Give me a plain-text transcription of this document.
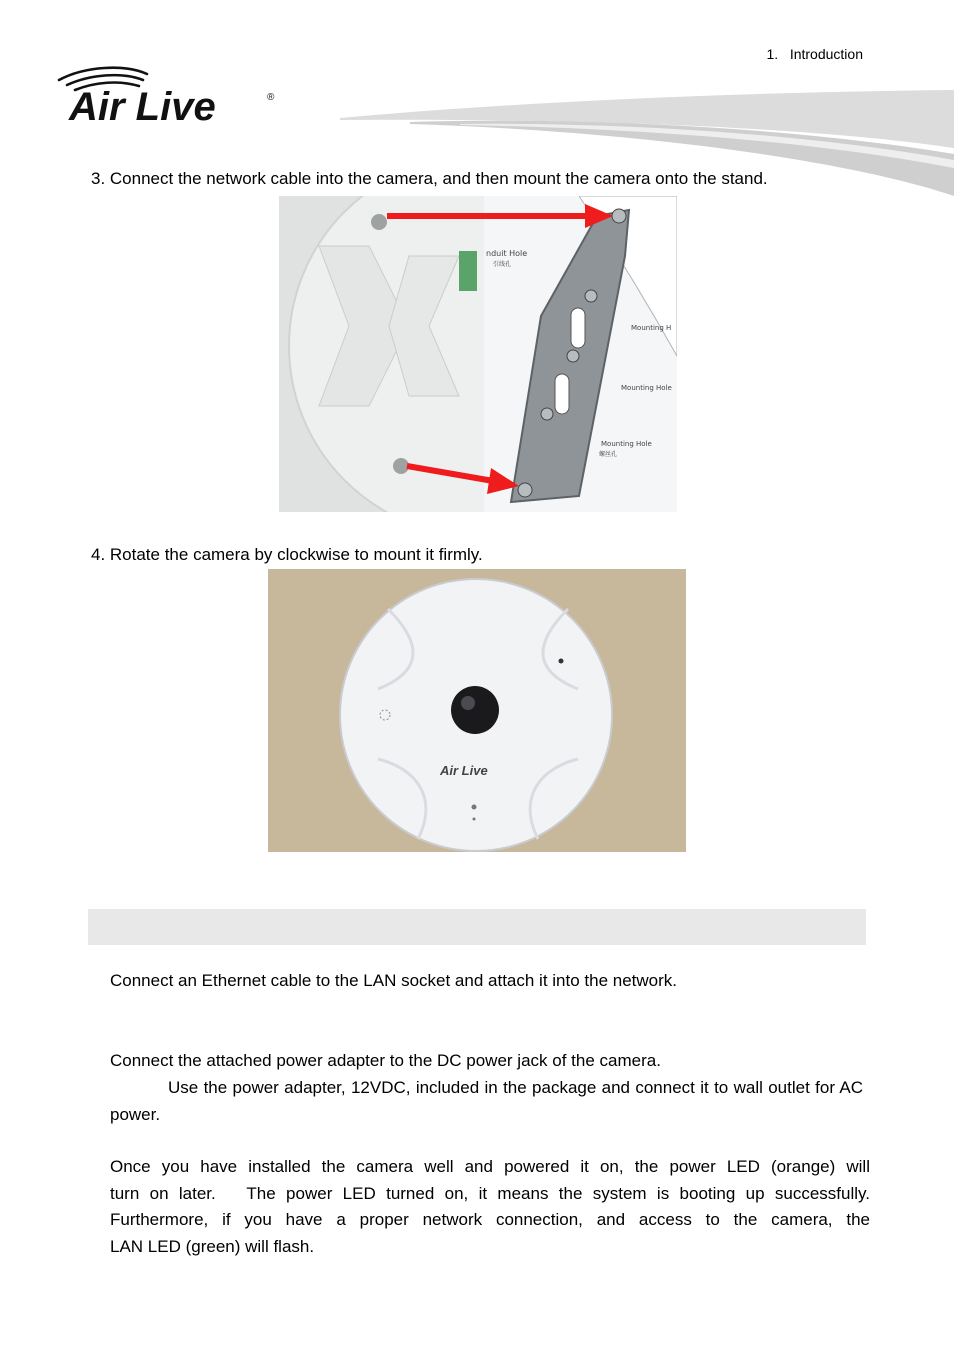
1.   Introduction
Air Live	®
3. Connect the network cable into the camera, and then mount the camera onto the stand.
nduit Hole
引线孔
Mounting H
Mounting Hole
Mounting Hole
螺丝孔
4. Rotate the camera by clockwise to mount it firmly.
Air Live
Connect an Ethernet cable to the LAN socket and attach it into the network.
Connect the attached power adapter to the DC power jack of the camera.
Use the power adapter, 12VDC, included in the package and connect it to wall outlet for AC power.
Once you have installed the camera well and powered it on, the power LED (orange) will
turn on later.   The power LED turned on, it means the system is booting up successfully.
Furthermore, if you have a proper network connection, and access to the camera, the
LAN LED (green) will flash.
